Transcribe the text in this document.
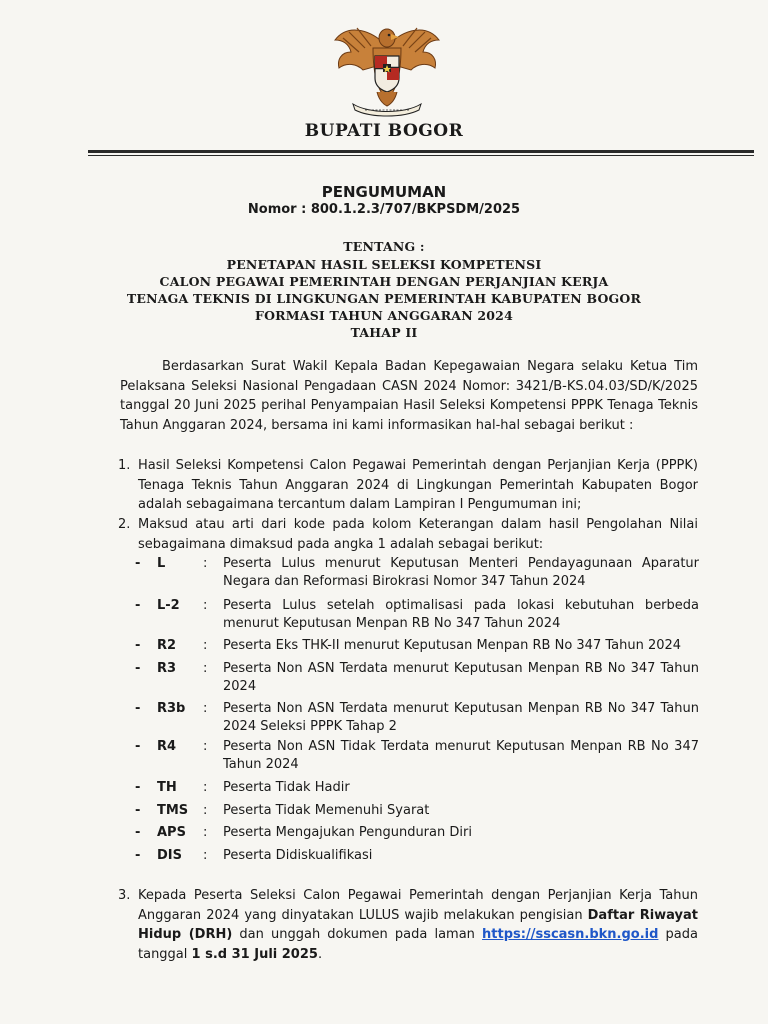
BUPATI BOGOR
PENGUMUMAN
Nomor : 800.1.2.3/707/BKPSDM/2025
TENTANG :
PENETAPAN HASIL SELEKSI KOMPETENSI
CALON PEGAWAI PEMERINTAH DENGAN PERJANJIAN KERJA
TENAGA TEKNIS DI LINGKUNGAN PEMERINTAH KABUPATEN BOGOR
FORMASI TAHUN ANGGARAN 2024
TAHAP II
Berdasarkan Surat Wakil Kepala Badan Kepegawaian Negara selaku Ketua Tim Pelaksana Seleksi Nasional Pengadaan CASN 2024 Nomor: 3421/B-KS.04.03/SD/K/2025 tanggal 20 Juni 2025 perihal Penyampaian Hasil Seleksi Kompetensi PPPK Tenaga Teknis Tahun Anggaran 2024, bersama ini kami informasikan hal-hal sebagai berikut :
1. Hasil Seleksi Kompetensi Calon Pegawai Pemerintah dengan Perjanjian Kerja (PPPK) Tenaga Teknis Tahun Anggaran 2024 di Lingkungan Pemerintah Kabupaten Bogor adalah sebagaimana tercantum dalam Lampiran I Pengumuman ini;
2. Maksud atau arti dari kode pada kolom Keterangan dalam hasil Pengolahan Nilai sebagaimana dimaksud pada angka 1 adalah sebagai berikut:
- L	: Peserta Lulus menurut Keputusan Menteri Pendayagunaan Aparatur Negara dan Reformasi Birokrasi Nomor 347 Tahun 2024
- L-2 : Peserta Lulus setelah optimalisasi pada lokasi kebutuhan berbeda menurut Keputusan Menpan RB No 347 Tahun 2024
- R2 : Peserta Eks THK-II menurut Keputusan Menpan RB No 347 Tahun 2024
- R3 : Peserta Non ASN Terdata menurut Keputusan Menpan RB No 347 Tahun 2024
- R3b : Peserta Non ASN Terdata menurut Keputusan Menpan RB No 347 Tahun 2024 Seleksi PPPK Tahap 2
- R4 : Peserta Non ASN Tidak Terdata menurut Keputusan Menpan RB No 347 Tahun 2024
- TH : Peserta Tidak Hadir
- TMS : Peserta Tidak Memenuhi Syarat
- APS : Peserta Mengajukan Pengunduran Diri
- DIS : Peserta Didiskualifikasi
3. Kepada Peserta Seleksi Calon Pegawai Pemerintah dengan Perjanjian Kerja Tahun Anggaran 2024 yang dinyatakan LULUS wajib melakukan pengisian Daftar Riwayat Hidup (DRH) dan unggah dokumen pada laman https://sscasn.bkn.go.id pada tanggal 1 s.d 31 Juli 2025.
